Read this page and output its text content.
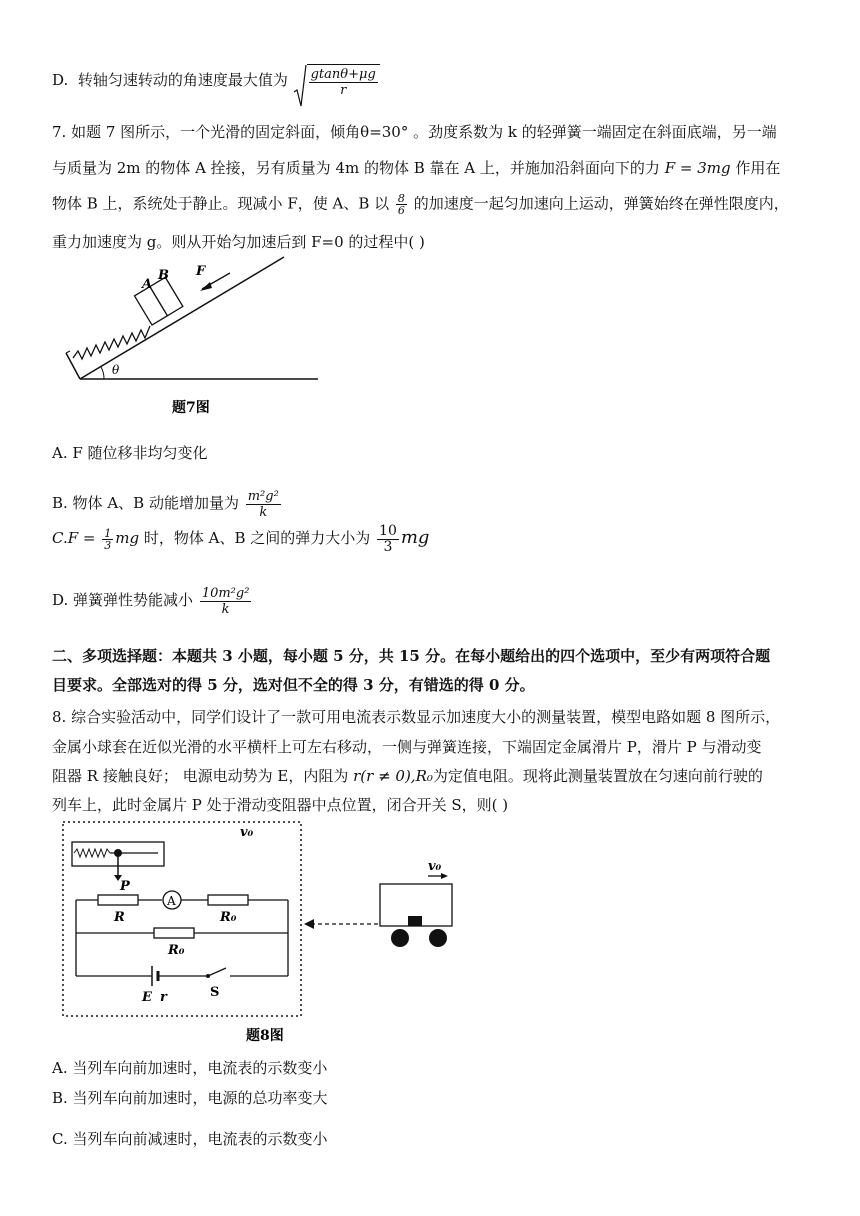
D. 转轴匀速转动的角速度最大值为 $\frac{gtan\theta+\mu g}{r}$
7. 如题 7 图所示，一个光滑的固定斜面，倾角θ=30° 。劲度系数为 k 的轻弹簧一端固定在斜面底端，另一端
与质量为 2m 的物体 A 拴接，另有质量为 4m 的物体 B 靠在 A 上，并施加沿斜面向下的力 F = 3mg 作用在
物体 B 上，系统处于静止。现减小 F，使 A、B 以 $\frac{8}{6}$ 的加速度一起匀加速向上运动，弹簧始终在弹性限度内，
重力加速度为 g。则从开始匀加速后到 F=0 的过程中( )
A
B F
θ
题7图
A. F 随位移非均匀变化
B. 物体 A、B 动能增加量为 $\frac{\text{m²g²}}{k}$
$C.F = \frac{1}{3}$ mg 时，物体 A、B 之间的弹力大小为 $\frac{10}{3}$ mg
D. 弹簧弹性势能减小 $\frac{\text{10m²g²}}{k}$
二、多项选择题：本题共 3 小题，每小题 5 分，共 15 分。在每小题给出的四个选项中，至少有两项符合题
目要求。全部选对的得 5 分，选对但不全的得 3 分，有错选的得 0 分。
8. 综合实验活动中，同学们设计了一款可用电流表示数显示加速度大小的测量装置，模型电路如题 8 图所示，
金属小球套在近似光滑的水平横杆上可左右移动，一侧与弹簧连接，下端固定金属滑片 P，滑片 P 与滑动变
阻器 R 接触良好； 电源电动势为 E，内阻为 r(r ≠ 0),R₀为定值电阻。现将此测量装置放在匀速向前行驶的
列车上，此时金属片 P 处于滑动变阻器中点位置，闭合开关 S，则( )
v₀
P
A
R	R₀
R₀
E r	S
v₀
题8图
A. 当列车向前加速时，电流表的示数变小
B. 当列车向前加速时，电源的总功率变大
C. 当列车向前减速时，电流表的示数变小
